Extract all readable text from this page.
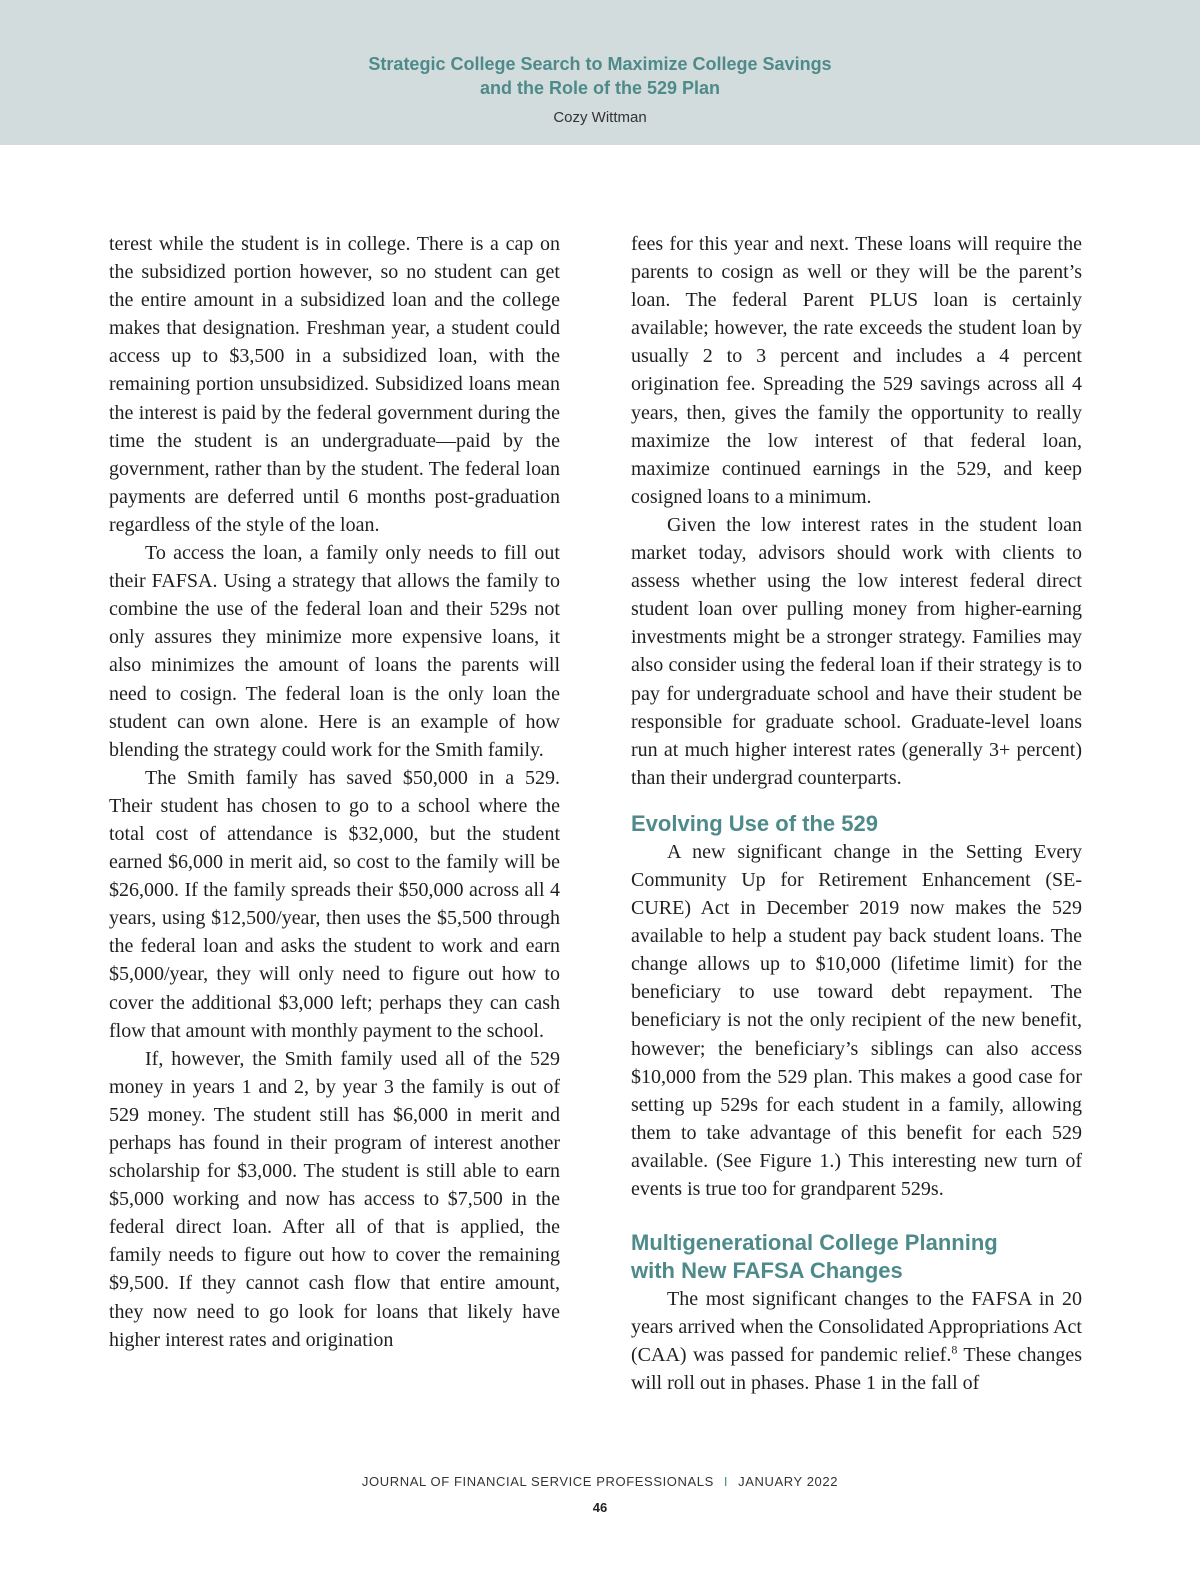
Strategic College Search to Maximize College Savings
and the Role of the 529 Plan
Cozy Wittman

terest while the student is in college. There is a cap on the subsidized portion however, so no student can get the entire amount in a subsidized loan and the college makes that designation. Freshman year, a student could access up to $3,500 in a subsidized loan, with the remaining portion unsubsidized. Subsidized loans mean the interest is paid by the federal government during the time the student is an undergraduate—paid by the government, rather than by the student. The federal loan payments are deferred until 6 months post-graduation regardless of the style of the loan.

To access the loan, a family only needs to fill out their FAFSA. Using a strategy that allows the family to combine the use of the federal loan and their 529s not only assures they minimize more expensive loans, it also minimizes the amount of loans the parents will need to cosign. The federal loan is the only loan the student can own alone. Here is an example of how blending the strategy could work for the Smith family.

The Smith family has saved $50,000 in a 529. Their student has chosen to go to a school where the total cost of attendance is $32,000, but the student earned $6,000 in merit aid, so cost to the family will be $26,000. If the family spreads their $50,000 across all 4 years, using $12,500/year, then uses the $5,500 through the federal loan and asks the student to work and earn $5,000/year, they will only need to figure out how to cover the additional $3,000 left; perhaps they can cash flow that amount with monthly payment to the school.

If, however, the Smith family used all of the 529 money in years 1 and 2, by year 3 the family is out of 529 money. The student still has $6,000 in merit and perhaps has found in their program of interest another scholarship for $3,000. The student is still able to earn $5,000 working and now has access to $7,500 in the federal direct loan. After all of that is applied, the family needs to figure out how to cover the remaining $9,500. If they cannot cash flow that entire amount, they now need to go look for loans that likely have higher interest rates and origination

fees for this year and next. These loans will require the parents to cosign as well or they will be the parent’s loan. The federal Parent PLUS loan is certainly available; however, the rate exceeds the student loan by usually 2 to 3 percent and includes a 4 percent origination fee. Spreading the 529 savings across all 4 years, then, gives the family the opportunity to really maximize the low interest of that federal loan, maximize continued earnings in the 529, and keep cosigned loans to a minimum.

Given the low interest rates in the student loan market today, advisors should work with clients to assess whether using the low interest federal direct student loan over pulling money from higher-earning investments might be a stronger strategy. Families may also consider using the federal loan if their strategy is to pay for undergraduate school and have their student be responsible for graduate school. Graduate-level loans run at much higher interest rates (generally 3+ percent) than their undergrad counterparts.

Evolving Use of the 529

A new significant change in the Setting Every Community Up for Retirement Enhancement (SECURE) Act in December 2019 now makes the 529 available to help a student pay back student loans. The change allows up to $10,000 (lifetime limit) for the beneficiary to use toward debt repayment. The beneficiary is not the only recipient of the new benefit, however; the beneficiary’s siblings can also access $10,000 from the 529 plan. This makes a good case for setting up 529s for each student in a family, allowing them to take advantage of this benefit for each 529 available. (See Figure 1.) This interesting new turn of events is true too for grandparent 529s.

Multigenerational College Planning
with New FAFSA Changes

The most significant changes to the FAFSA in 20 years arrived when the Consolidated Appropriations Act (CAA) was passed for pandemic relief.$^8$ These changes will roll out in phases. Phase 1 in the fall of

JOURNAL OF FINANCIAL SERVICE PROFESSIONALS I JANUARY 2022
46
